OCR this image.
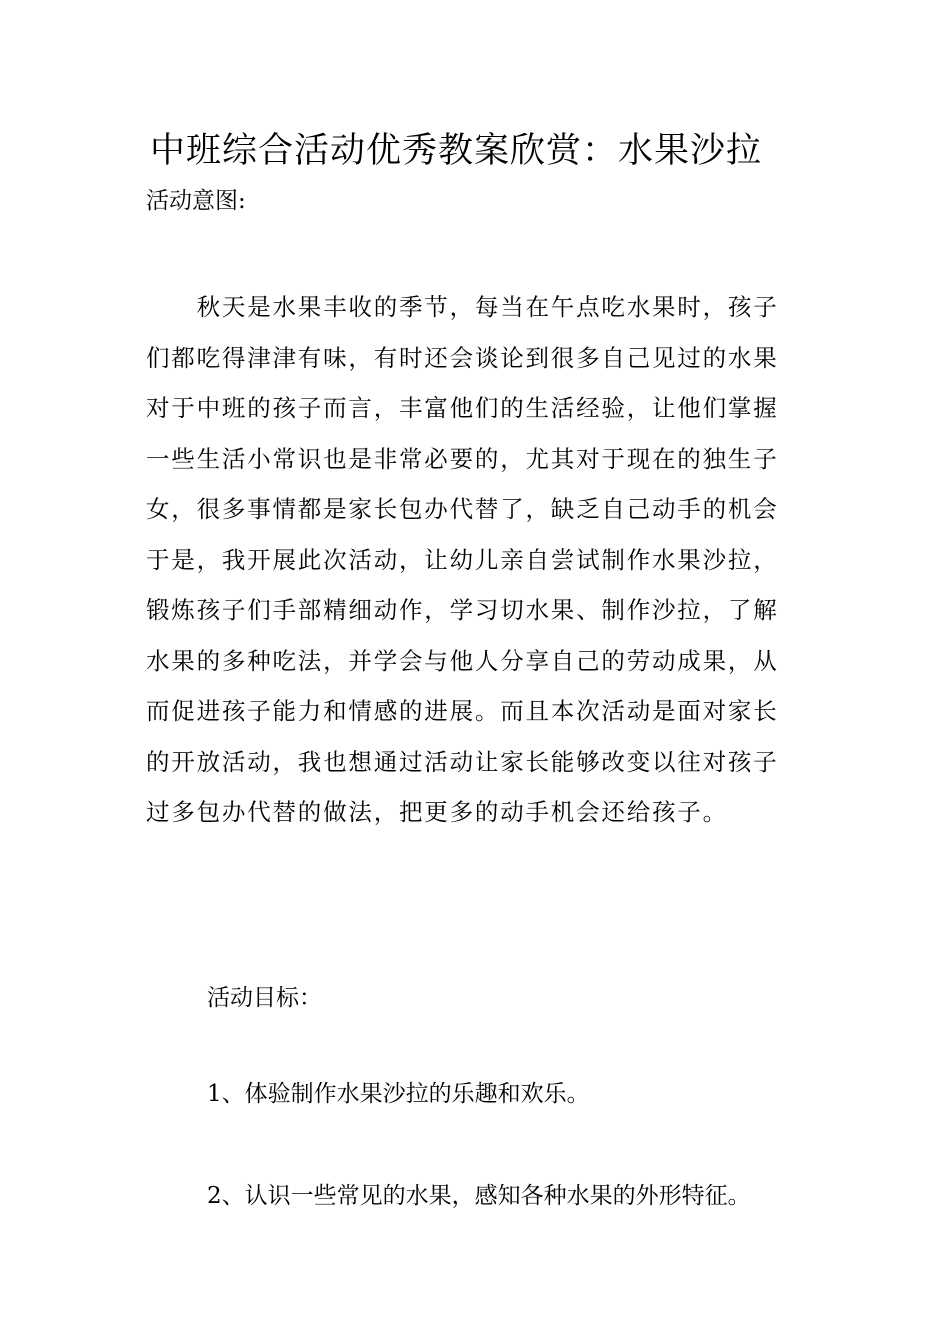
中班综合活动优秀教案欣赏：水果沙拉

活动意图:

　　秋天是水果丰收的季节，每当在午点吃水果时，孩子
们都吃得津津有味，有时还会谈论到很多自己见过的水果
对于中班的孩子而言，丰富他们的生活经验，让他们掌握
一些生活小常识也是非常必要的，尤其对于现在的独生子
女，很多事情都是家长包办代替了，缺乏自己动手的机会
于是，我开展此次活动，让幼儿亲自尝试制作水果沙拉，
锻炼孩子们手部精细动作，学习切水果、制作沙拉，了解
水果的多种吃法，并学会与他人分享自己的劳动成果，从
而促进孩子能力和情感的进展。而且本次活动是面对家长
的开放活动，我也想通过活动让家长能够改变以往对孩子
过多包办代替的做法，把更多的动手机会还给孩子。

活动目标：

1、体验制作水果沙拉的乐趣和欢乐。

2、认识一些常见的水果，感知各种水果的外形特征。
